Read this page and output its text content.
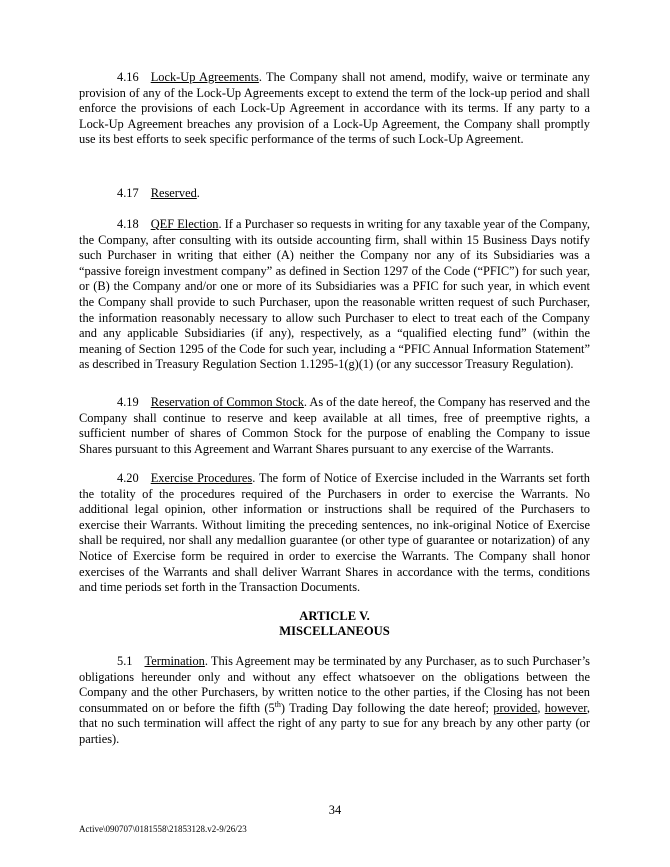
4.16 Lock-Up Agreements. The Company shall not amend, modify, waive or terminate any provision of any of the Lock-Up Agreements except to extend the term of the lock-up period and shall enforce the provisions of each Lock-Up Agreement in accordance with its terms. If any party to a Lock-Up Agreement breaches any provision of a Lock-Up Agreement, the Company shall promptly use its best efforts to seek specific performance of the terms of such Lock-Up Agreement.

4.17 Reserved.

4.18 QEF Election. If a Purchaser so requests in writing for any taxable year of the Company, the Company, after consulting with its outside accounting firm, shall within 15 Business Days notify such Purchaser in writing that either (A) neither the Company nor any of its Subsidiaries was a “passive foreign investment company” as defined in Section 1297 of the Code (“PFIC”) for such year, or (B) the Company and/or one or more of its Subsidiaries was a PFIC for such year, in which event the Company shall provide to such Purchaser, upon the reasonable written request of such Purchaser, the information reasonably necessary to allow such Purchaser to elect to treat each of the Company and any applicable Subsidiaries (if any), respectively, as a “qualified electing fund” (within the meaning of Section 1295 of the Code for such year, including a “PFIC Annual Information Statement” as described in Treasury Regulation Section 1.1295-1(g)(1) (or any successor Treasury Regulation).

4.19 Reservation of Common Stock. As of the date hereof, the Company has reserved and the Company shall continue to reserve and keep available at all times, free of preemptive rights, a sufficient number of shares of Common Stock for the purpose of enabling the Company to issue Shares pursuant to this Agreement and Warrant Shares pursuant to any exercise of the Warrants.

4.20 Exercise Procedures. The form of Notice of Exercise included in the Warrants set forth the totality of the procedures required of the Purchasers in order to exercise the Warrants. No additional legal opinion, other information or instructions shall be required of the Purchasers to exercise their Warrants. Without limiting the preceding sentences, no ink-original Notice of Exercise shall be required, nor shall any medallion guarantee (or other type of guarantee or notarization) of any Notice of Exercise form be required in order to exercise the Warrants. The Company shall honor exercises of the Warrants and shall deliver Warrant Shares in accordance with the terms, conditions and time periods set forth in the Transaction Documents.

ARTICLE V.

MISCELLANEOUS

5.1 Termination. This Agreement may be terminated by any Purchaser, as to such Purchaser’s obligations hereunder only and without any effect whatsoever on the obligations between the Company and the other Purchasers, by written notice to the other parties, if the Closing has not been consummated on or before the fifth (5th) Trading Day following the date hereof; provided, however, that no such termination will affect the right of any party to sue for any breach by any other party (or parties).

34
Active\090707\0181558\21853128.v2-9/26/23
